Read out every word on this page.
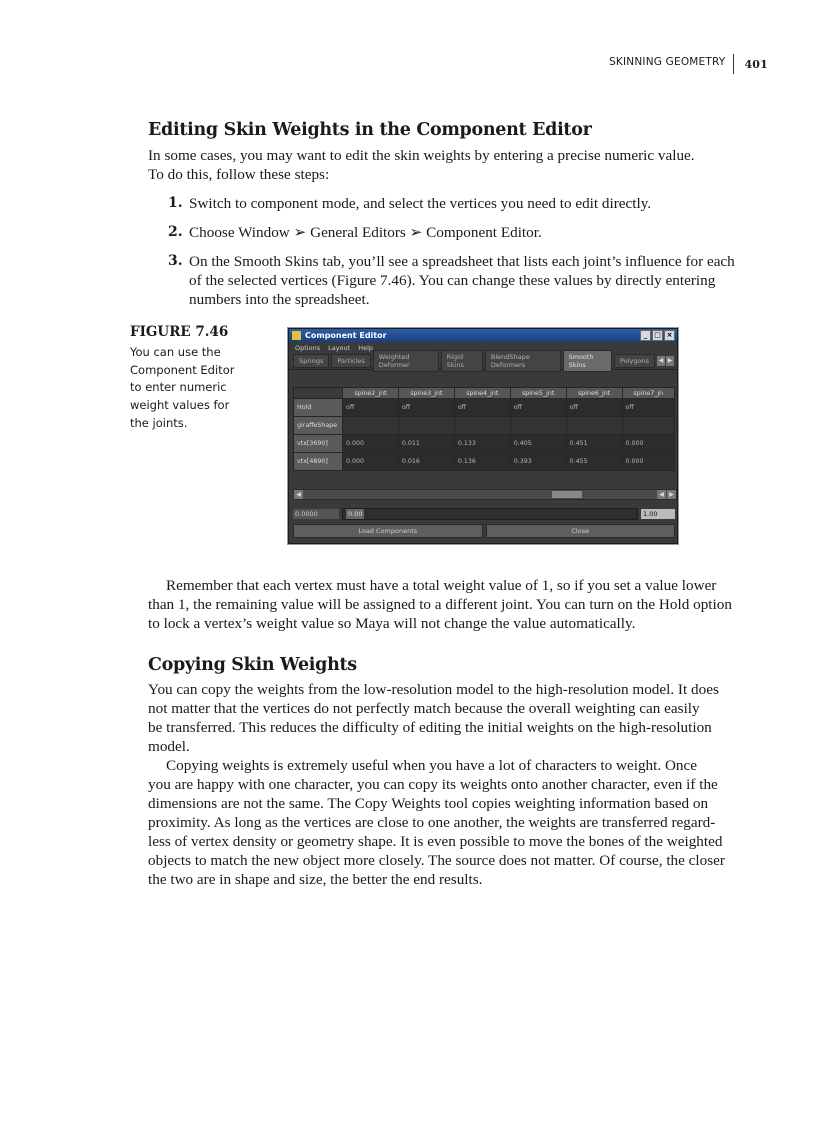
SKINNING GEOMETRY	401
Editing Skin Weights in the Component Editor

In some cases, you may want to edit the skin weights by entering a precise numeric value.

To do this, follow these steps:

1. Switch to component mode, and select the vertices you need to edit directly.
2. Choose Window ➢ General Editors ➢ Component Editor.
3. On the Smooth Skins tab, you’ll see a spreadsheet that lists each joint’s influence for each
of the selected vertices (Figure 7.46). You can change these values by directly entering
numbers into the spreadsheet.
FIGURE 7.46
You can use the
Component Editor
to enter numeric
weight values for
the joints.
Component Editor	_ □ ×
Options Layout Help
Springs	Particles	Weighted Deformer
Rigid Skins
BlendShape Deformers
Smooth Skins	Polygons	◀ ▶
	spine2_jnt	spine3_jnt	spine4_jnt	spine5_jnt	spine6_jnt	spine7_jn
Hold	off	off	off	off	off	off
giraffeShape						
vtx[3690]	0.000	0.011	0.133	0.405	0.451	0.000
vtx[4890]	0.000	0.016	0.136	0.393	0.455	0.000
◀	◀ ▶
0.0000	0.00	1.00
Load Components	Close

Remember that each vertex must have a total weight value of 1, so if you set a value lower

than 1, the remaining value will be assigned to a different joint. You can turn on the Hold option

to lock a vertex’s weight value so Maya will not change the value automatically.

Copying Skin Weights

You can copy the weights from the low-resolution model to the high-resolution model. It does

not matter that the vertices do not perfectly match because the overall weighting can easily

be transferred. This reduces the difficulty of editing the initial weights on the high-resolution

model.

Copying weights is extremely useful when you have a lot of characters to weight. Once

you are happy with one character, you can copy its weights onto another character, even if the

dimensions are not the same. The Copy Weights tool copies weighting information based on

proximity. As long as the vertices are close to one another, the weights are transferred regard-

less of vertex density or geometry shape. It is even possible to move the bones of the weighted

objects to match the new object more closely. The source does not matter. Of course, the closer

the two are in shape and size, the better the end results.
